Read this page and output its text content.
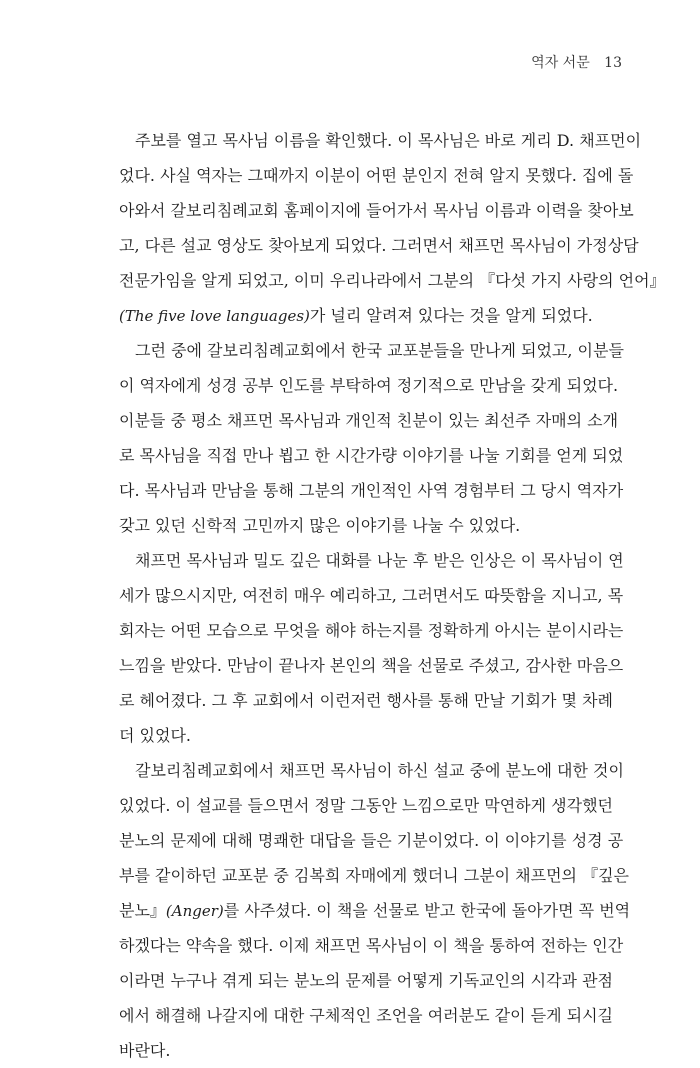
역자 서문 13
주보를 열고 목사님 이름을 확인했다. 이 목사님은 바로 게리 D. 채프먼이
었다. 사실 역자는 그때까지 이분이 어떤 분인지 전혀 알지 못했다. 집에 돌
아와서 갈보리침례교회 홈페이지에 들어가서 목사님 이름과 이력을 찾아보
고, 다른 설교 영상도 찾아보게 되었다. 그러면서 채프먼 목사님이 가정상담
전문가임을 알게 되었고, 이미 우리나라에서 그분의 『다섯 가지 사랑의 언어』
(The five love languages)가 널리 알려져 있다는 것을 알게 되었다.
그런 중에 갈보리침례교회에서 한국 교포분들을 만나게 되었고, 이분들
이 역자에게 성경 공부 인도를 부탁하여 정기적으로 만남을 갖게 되었다.
이분들 중 평소 채프먼 목사님과 개인적 친분이 있는 최선주 자매의 소개
로 목사님을 직접 만나 뵙고 한 시간가량 이야기를 나눌 기회를 얻게 되었
다. 목사님과 만남을 통해 그분의 개인적인 사역 경험부터 그 당시 역자가
갖고 있던 신학적 고민까지 많은 이야기를 나눌 수 있었다.
채프먼 목사님과 밀도 깊은 대화를 나눈 후 받은 인상은 이 목사님이 연
세가 많으시지만, 여전히 매우 예리하고, 그러면서도 따뜻함을 지니고, 목
회자는 어떤 모습으로 무엇을 해야 하는지를 정확하게 아시는 분이시라는
느낌을 받았다. 만남이 끝나자 본인의 책을 선물로 주셨고, 감사한 마음으
로 헤어졌다. 그 후 교회에서 이런저런 행사를 통해 만날 기회가 몇 차례
더 있었다.
갈보리침례교회에서 채프먼 목사님이 하신 설교 중에 분노에 대한 것이
있었다. 이 설교를 들으면서 정말 그동안 느낌으로만 막연하게 생각했던
분노의 문제에 대해 명쾌한 대답을 들은 기분이었다. 이 이야기를 성경 공
부를 같이하던 교포분 중 김복희 자매에게 했더니 그분이 채프먼의 『깊은
분노』(Anger)를 사주셨다. 이 책을 선물로 받고 한국에 돌아가면 꼭 번역
하겠다는 약속을 했다. 이제 채프먼 목사님이 이 책을 통하여 전하는 인간
이라면 누구나 겪게 되는 분노의 문제를 어떻게 기독교인의 시각과 관점
에서 해결해 나갈지에 대한 구체적인 조언을 여러분도 같이 듣게 되시길
바란다.
